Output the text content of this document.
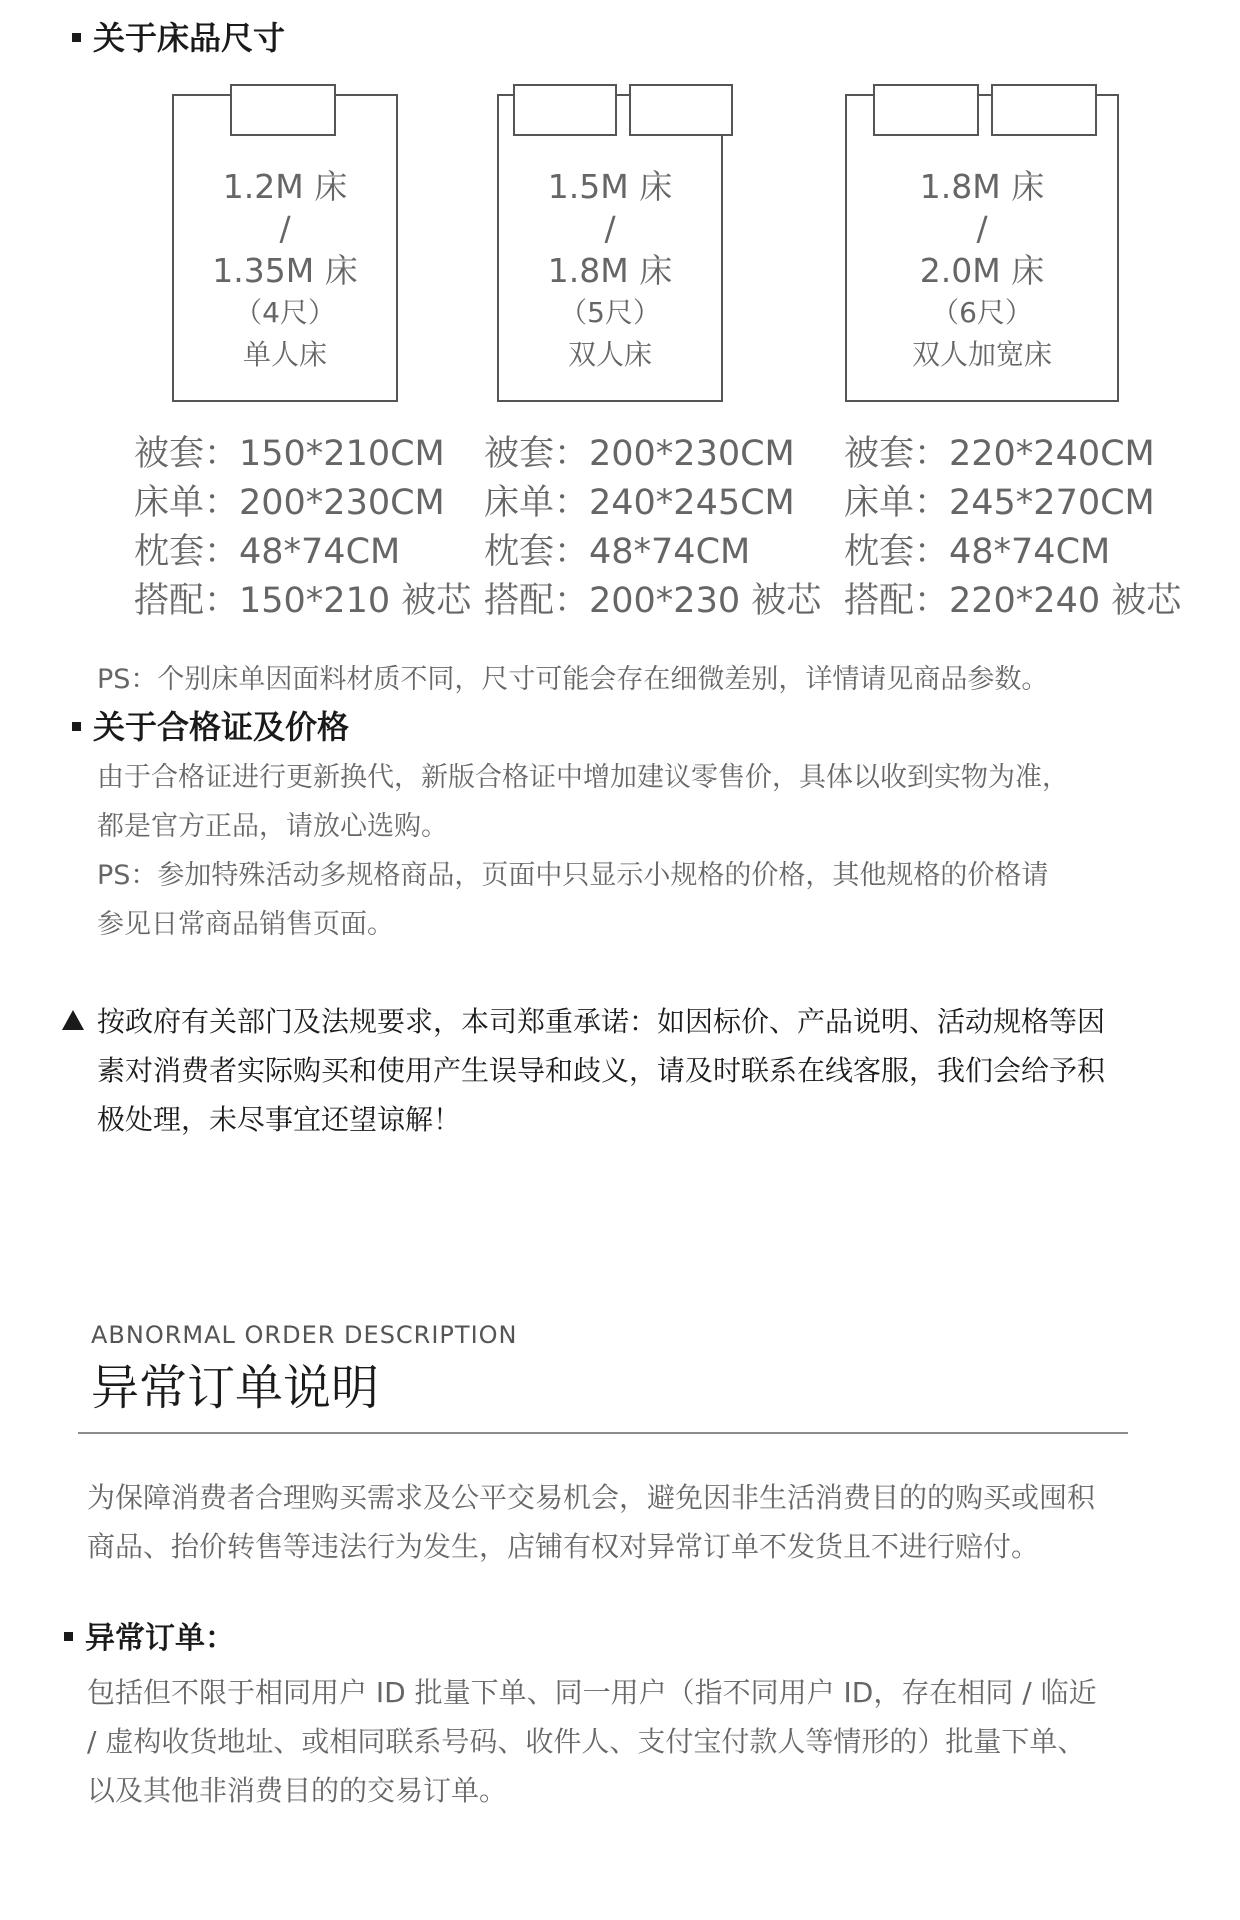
关于床品尺寸
1.2M 床
/
1.35M 床
（4尺）
单人床
1.5M 床
/
1.8M 床
（5尺）
双人床
1.8M 床
/
2.0M 床
（6尺）
双人加宽床
被套：150*210CM
床单：200*230CM
枕套：48*74CM
搭配：150*210 被芯
被套：200*230CM
床单：240*245CM
枕套：48*74CM
搭配：200*230 被芯
被套：220*240CM
床单：245*270CM
枕套：48*74CM
搭配：220*240 被芯
PS：个别床单因面料材质不同，尺寸可能会存在细微差别，详情请见商品参数。
关于合格证及价格
由于合格证进行更新换代，新版合格证中增加建议零售价，具体以收到实物为准，
都是官方正品，请放心选购。
PS：参加特殊活动多规格商品，页面中只显示小规格的价格，其他规格的价格请
参见日常商品销售页面。
按政府有关部门及法规要求，本司郑重承诺：如因标价、产品说明、活动规格等因
素对消费者实际购买和使用产生误导和歧义，请及时联系在线客服，我们会给予积
极处理，未尽事宜还望谅解！
ABNORMAL ORDER DESCRIPTION
异常订单说明
为保障消费者合理购买需求及公平交易机会，避免因非生活消费目的的购买或囤积
商品、抬价转售等违法行为发生，店铺有权对异常订单不发货且不进行赔付。
异常订单：
包括但不限于相同用户 ID 批量下单、同一用户（指不同用户 ID，存在相同 / 临近
/ 虚构收货地址、或相同联系号码、收件人、支付宝付款人等情形的）批量下单、
以及其他非消费目的的交易订单。
